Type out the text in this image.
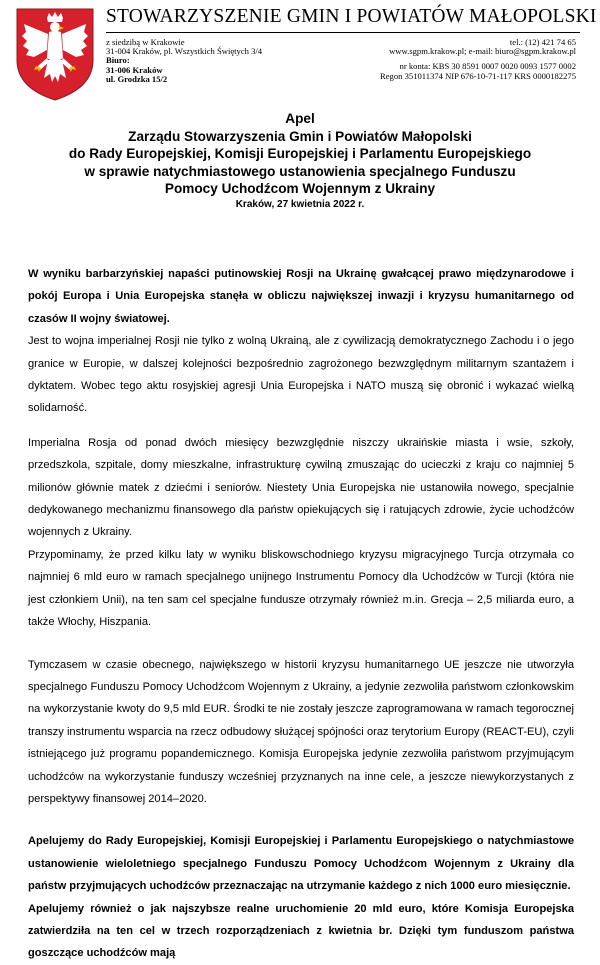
STOWARZYSZENIE GMIN I POWIATÓW MAŁOPOLSKI
z siedzibą w Krakowie
31-004 Kraków, pl. Wszystkich Świętych 3/4
Biuro:
31-006 Kraków
ul. Grodzka 15/2
tel.: (12) 421 74 65
www.sgpm.krakow.pl; e-mail: biuro@sgpm.krakow.pl
nr konta: KBS 30 8591 0007 0020 0093 1577 0002
Regon 351011374 NIP 676-10-71-117 KRS 0000182275
Apel
Zarządu Stowarzyszenia Gmin i Powiatów Małopolski
do Rady Europejskiej, Komisji Europejskiej i Parlamentu Europejskiego
w sprawie natychmiastowego ustanowienia specjalnego Funduszu
Pomocy Uchodźcom Wojennym z Ukrainy
Kraków, 27 kwietnia 2022 r.

W wyniku barbarzyńskiej napaści putinowskiej Rosji na Ukrainę gwałcącej prawo międzynarodowe i pokój Europa i Unia Europejska stanęła w obliczu największej inwazji i kryzysu humanitarnego od czasów II wojny światowej.

Jest to wojna imperialnej Rosji nie tylko z wolną Ukrainą, ale z cywilizacją demokratycznego Zachodu i o jego granice w Europie, w dalszej kolejności bezpośrednio zagrożonego bezwzględnym militarnym szantażem i dyktatem. Wobec tego aktu rosyjskiej agresji Unia Europejska i NATO muszą się obronić i wykazać wielką solidarność.

Imperialna Rosja od ponad dwóch miesięcy bezwzględnie niszczy ukraińskie miasta i wsie, szkoły, przedszkola, szpitale, domy mieszkalne, infrastrukturę cywilną zmuszając do ucieczki z kraju co najmniej 5 milionów głównie matek z dziećmi i seniorów. Niestety Unia Europejska nie ustanowiła nowego, specjalnie dedykowanego mechanizmu finansowego dla państw opiekujących się i ratujących zdrowie, życie uchodźców wojennych z Ukrainy.

Przypominamy, że przed kilku laty w wyniku bliskowschodniego kryzysu migracyjnego Turcja otrzymała co najmniej 6 mld euro w ramach specjalnego unijnego Instrumentu Pomocy dla Uchodźców w Turcji (która nie jest członkiem Unii), na ten sam cel specjalne fundusze otrzymały również m.in. Grecja – 2,5 miliarda euro, a także Włochy, Hiszpania.

Tymczasem w czasie obecnego, największego w historii kryzysu humanitarnego UE jeszcze nie utworzyła specjalnego Funduszu Pomocy Uchodźcom Wojennym z Ukrainy, a jedynie zezwoliła państwom członkowskim na wykorzystanie kwoty do 9,5 mld EUR. Środki te nie zostały jeszcze zaprogramowana w ramach tegorocznej transzy instrumentu wsparcia na rzecz odbudowy służącej spójności oraz terytorium Europy (REACT-EU), czyli istniejącego już programu popandemicznego. Komisja Europejska jedynie zezwoliła państwom przyjmującym uchodźców na wykorzystanie funduszy wcześniej przyznanych na inne cele, a jeszcze niewykorzystanych z perspektywy finansowej 2014–2020.

Apelujemy do Rady Europejskiej, Komisji Europejskiej i Parlamentu Europejskiego o natychmiastowe ustanowienie wieloletniego specjalnego Funduszu Pomocy Uchodźcom Wojennym z Ukrainy dla państw przyjmujących uchodźców przeznaczając na utrzymanie każdego z nich 1000 euro miesięcznie.

Apelujemy również o jak najszybsze realne uruchomienie 20 mld euro, które Komisja Europejska zatwierdziła na ten cel w trzech rozporządzeniach z kwietnia br. Dzięki tym funduszom państwa goszczące uchodźców mają
